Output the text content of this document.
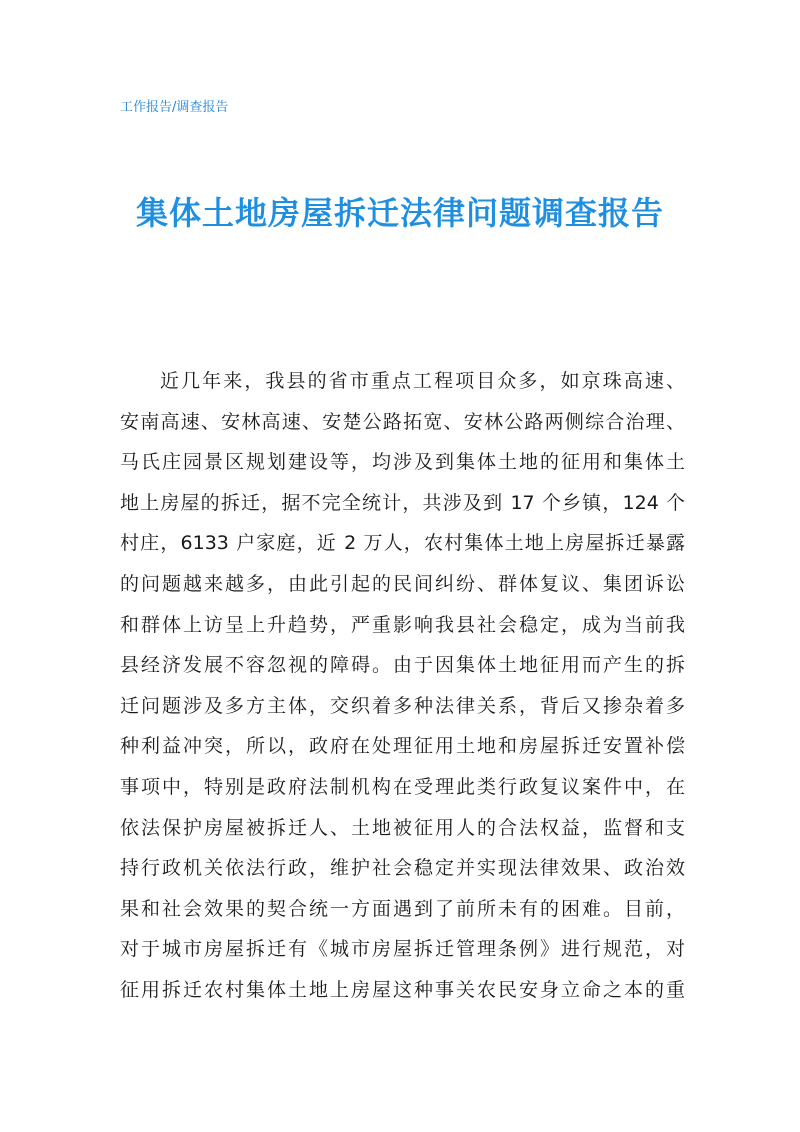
工作报告/调查报告
集体土地房屋拆迁法律问题调查报告
近几年来，我县的省市重点工程项目众多，如京珠高速、
安南高速、安林高速、安楚公路拓宽、安林公路两侧综合治理、
马氏庄园景区规划建设等，均涉及到集体土地的征用和集体土
地上房屋的拆迁，据不完全统计，共涉及到 17 个乡镇，124 个
村庄，6133 户家庭，近 2 万人，农村集体土地上房屋拆迁暴露
的问题越来越多，由此引起的民间纠纷、群体复议、集团诉讼
和群体上访呈上升趋势，严重影响我县社会稳定，成为当前我
县经济发展不容忽视的障碍。由于因集体土地征用而产生的拆
迁问题涉及多方主体，交织着多种法律关系，背后又掺杂着多
种利益冲突，所以，政府在处理征用土地和房屋拆迁安置补偿
事项中，特别是政府法制机构在受理此类行政复议案件中，在
依法保护房屋被拆迁人、土地被征用人的合法权益，监督和支
持行政机关依法行政，维护社会稳定并实现法律效果、政治效
果和社会效果的契合统一方面遇到了前所未有的困难。目前，
对于城市房屋拆迁有《城市房屋拆迁管理条例》进行规范，对
征用拆迁农村集体土地上房屋这种事关农民安身立命之本的重
